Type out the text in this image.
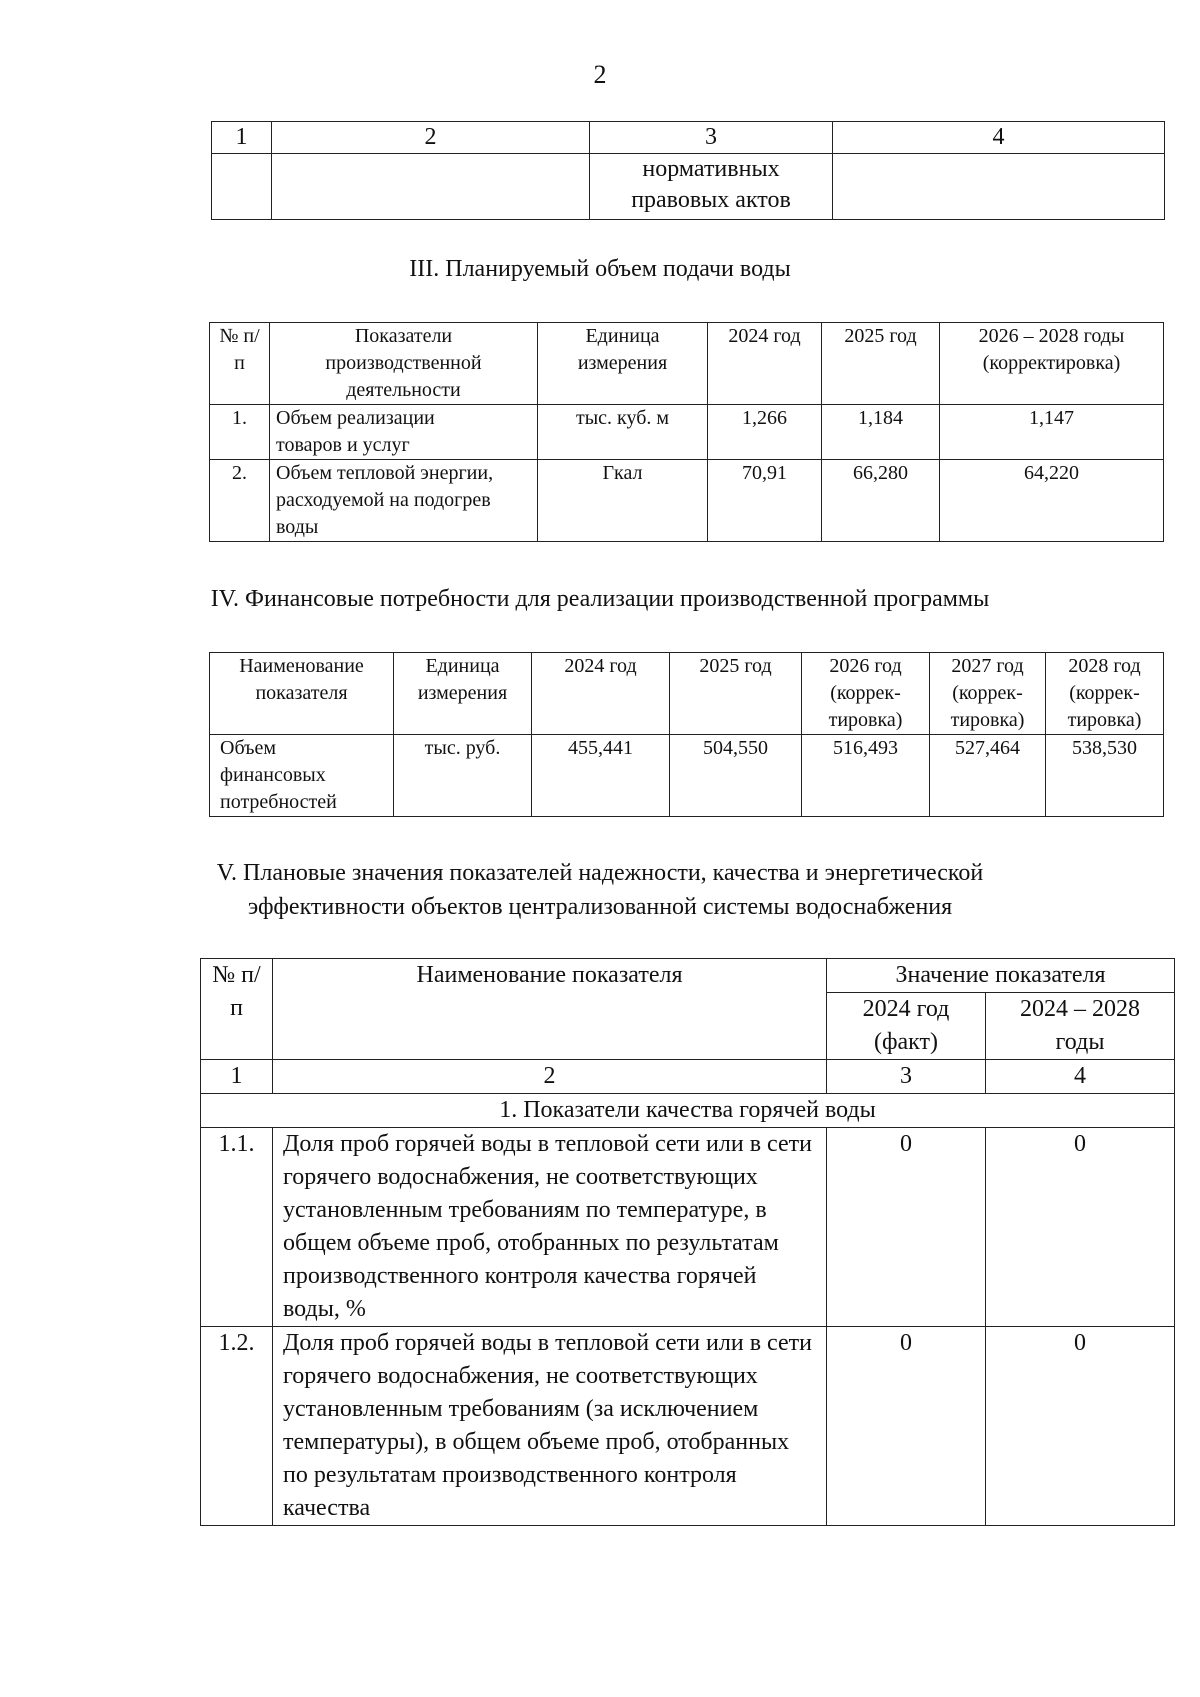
2
1	2	3	4
		нормативных правовых актов	
III. Планируемый объем подачи воды
№ п/п	Показатели производственной деятельности	Единица измерения	2024 год	2025 год	2026 – 2028 годы (корректировка)
1.	Объем реализации товаров и услуг	тыс. куб. м	1,266	1,184	1,147
2.	Объем тепловой энергии, расходуемой на подогрев воды	Гкал	70,91	66,280	64,220
IV. Финансовые потребности для реализации производственной программы
Наименование показателя	Единица измерения	2024 год	2025 год	2026 год (коррек-тировка)	2027 год (коррек-тировка)	2028 год (коррек-тировка)
Объем финансовых потребностей	тыс. руб.	455,441	504,550	516,493	527,464	538,530
V. Плановые значения показателей надежности, качества и энергетической
эффективности объектов централизованной системы водоснабжения
№ п/п	Наименование показателя	Значение показателя	
		2024 год (факт)	2024 – 2028 годы
1	2	3	4
1. Показатели качества горячей воды			
1.1.	Доля проб горячей воды в тепловой сети или в сети горячего водоснабжения, не соответствующих установленным требованиям по температуре, в общем объеме проб, отобранных по результатам производственного контроля качества горячей воды, %	0	0
1.2.	Доля проб горячей воды в тепловой сети или в сети горячего водоснабжения, не соответствующих установленным требованиям (за исключением температуры), в общем объеме проб, отобранных по результатам производственного контроля качества	0	0
